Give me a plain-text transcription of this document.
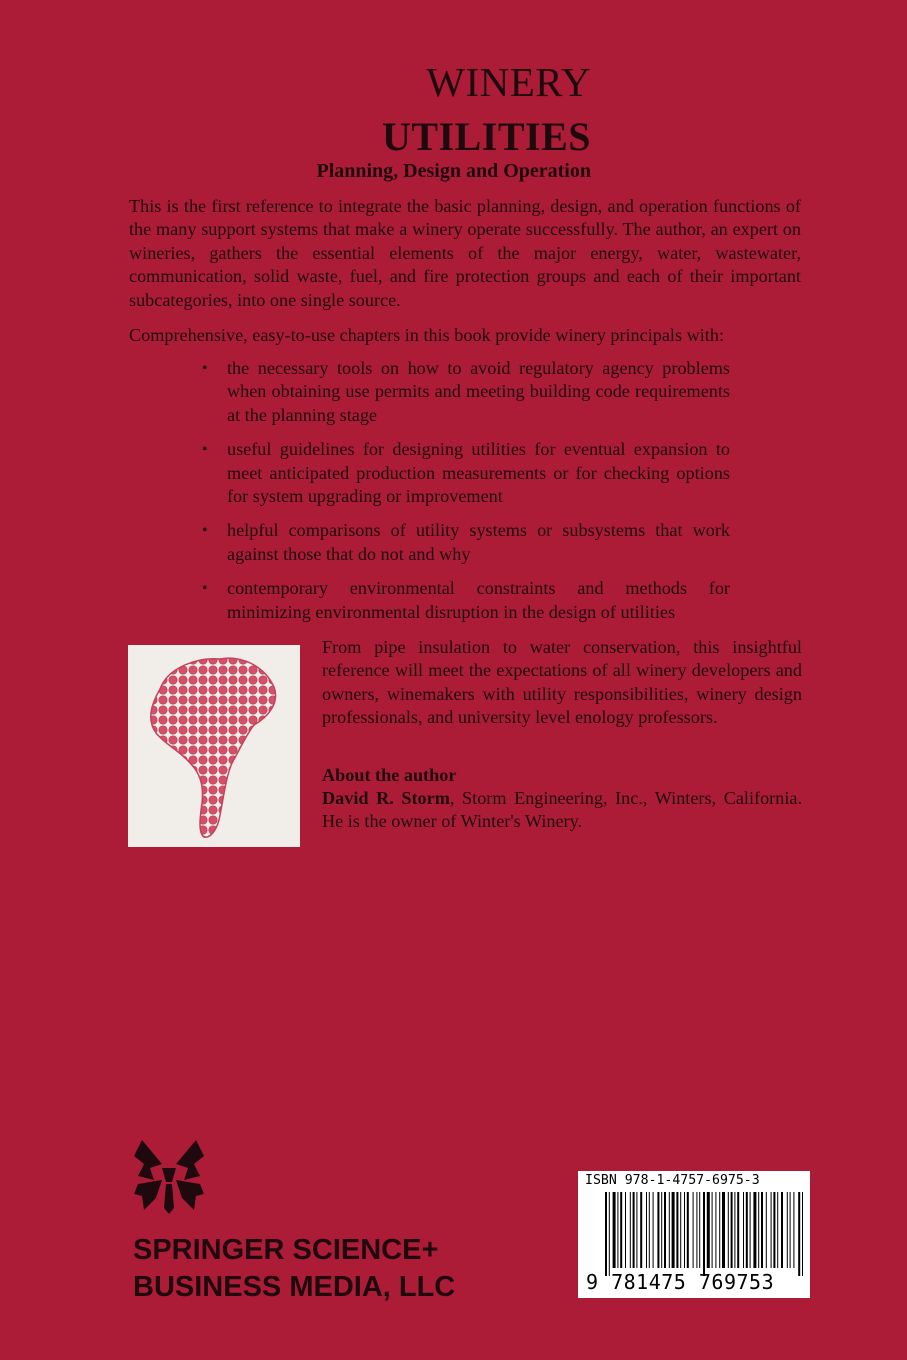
WINERY
UTILITIES

Planning, Design and Operation

This is the first reference to integrate the basic planning, design, and operation functions of the many support systems that make a winery operate successfully. The author, an expert on wineries, gathers the essential elements of the major energy, water, wastewater, communication, solid waste, fuel, and fire protection groups and each of their important subcategories, into one single source.

Comprehensive, easy-to-use chapters in this book provide winery principals with:

• the necessary tools on how to avoid regulatory agency problems when obtaining use permits and meeting building code requirements at the planning stage
• useful guidelines for designing utilities for eventual expansion to meet anticipated production measurements or for checking options for system upgrading or improvement
• helpful comparisons of utility systems or subsystems that work against those that do not and why
• contemporary environmental constraints and methods for minimizing environmental disruption in the design of utilities

From pipe insulation to water conservation, this insightful reference will meet the expectations of all winery developers and owners, winemakers with utility responsibilities, winery design professionals, and university level enology professors.

About the author

David R. Storm, Storm Engineering, Inc., Winters, California. He is the owner of Winter's Winery.

SPRINGER SCIENCE+
BUSINESS MEDIA, LLC

ISBN 978-1-4757-6975-3

9 781475 769753
